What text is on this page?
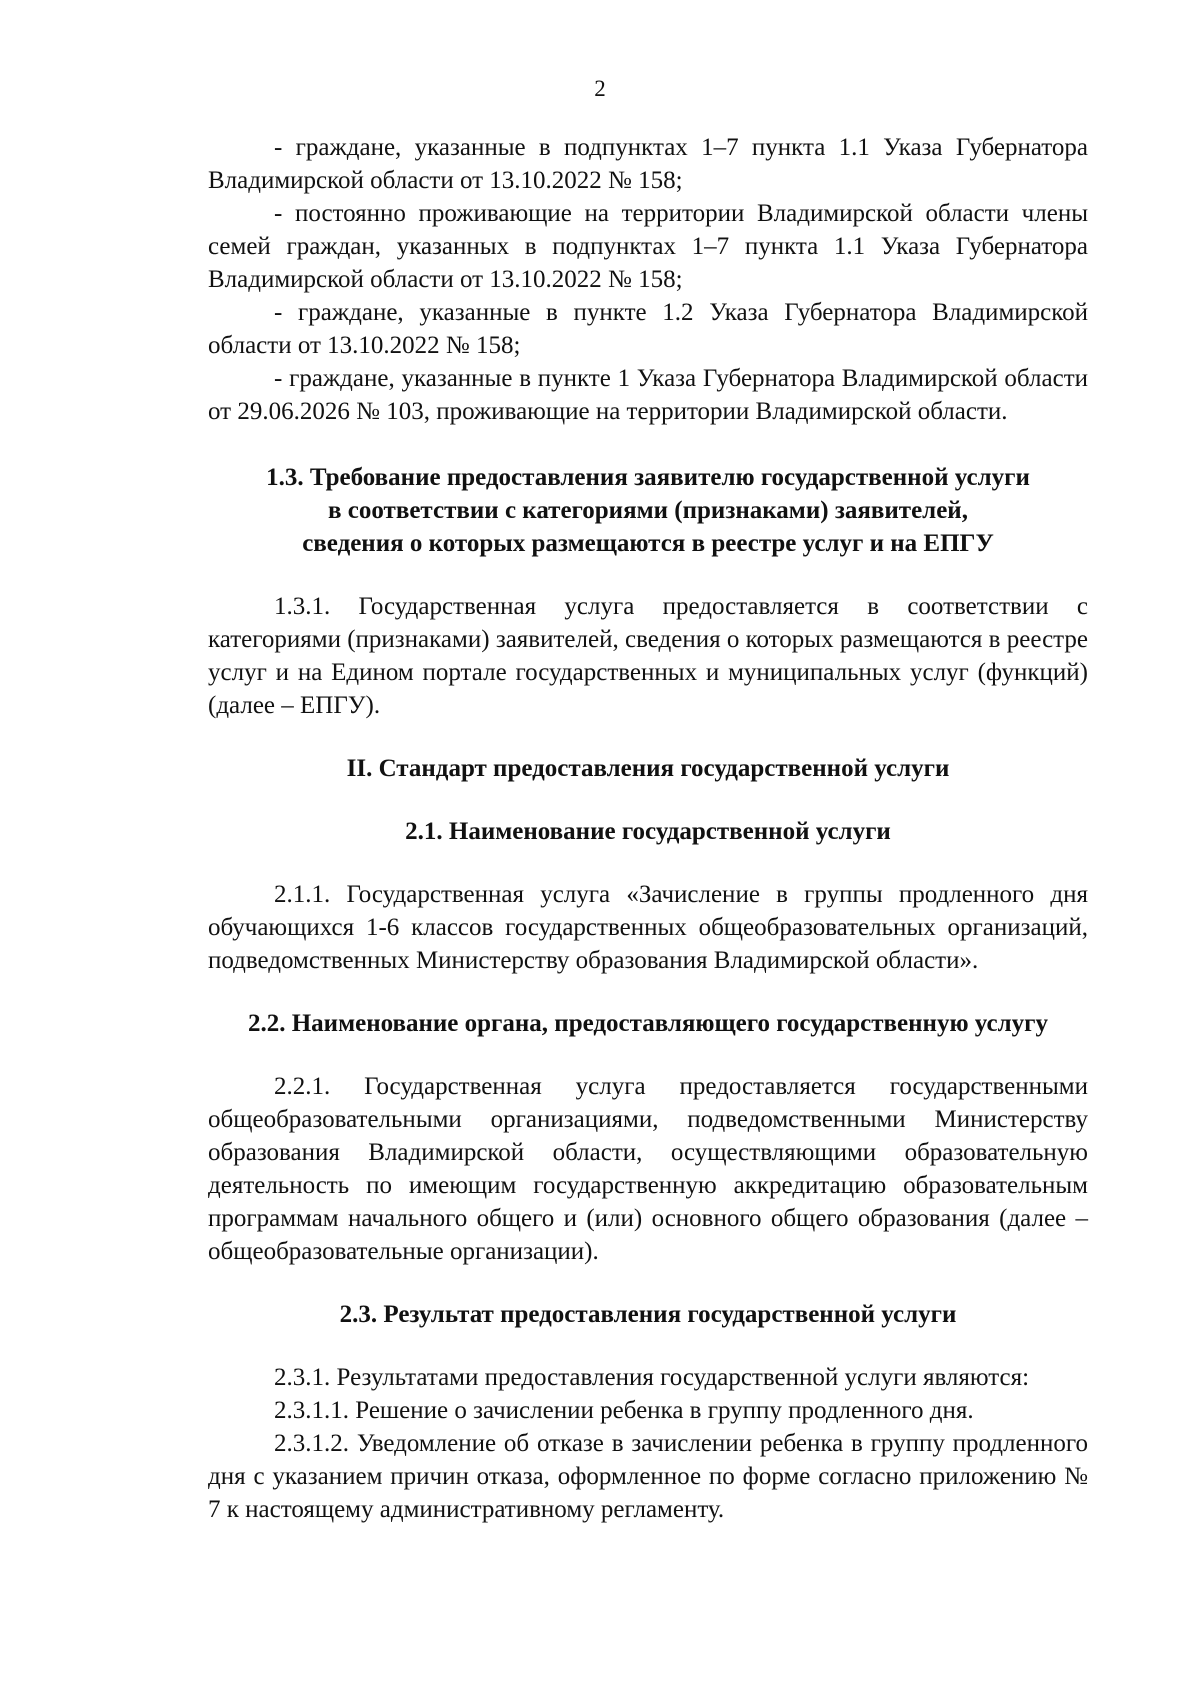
2

- граждане, указанные в подпунктах 1–7 пункта 1.1 Указа Губернатора Владимирской области от 13.10.2022 № 158;

- постоянно проживающие на территории Владимирской области члены семей граждан, указанных в подпунктах 1–7 пункта 1.1 Указа Губернатора Владимирской области от 13.10.2022 № 158;

- граждане, указанные в пункте 1.2 Указа Губернатора Владимирской области от 13.10.2022 № 158;

- граждане, указанные в пункте 1 Указа Губернатора Владимирской области от 29.06.2026 № 103, проживающие на территории Владимирской области.

1.3. Требование предоставления заявителю государственной услуги
в соответствии с категориями (признаками) заявителей,
сведения о которых размещаются в реестре услуг и на ЕПГУ

1.3.1. Государственная услуга предоставляется в соответствии с категориями (признаками) заявителей, сведения о которых размещаются в реестре услуг и на Едином портале государственных и муниципальных услуг (функций) (далее – ЕПГУ).

II. Стандарт предоставления государственной услуги
2.1. Наименование государственной услуги

2.1.1. Государственная услуга «Зачисление в группы продленного дня обучающихся 1-6 классов государственных общеобразовательных организаций, подведомственных Министерству образования Владимирской области».

2.2. Наименование органа, предоставляющего государственную услугу

2.2.1. Государственная услуга предоставляется государственными общеобразовательными организациями, подведомственными Министерству образования Владимирской области, осуществляющими образовательную деятельность по имеющим государственную аккредитацию образовательным программам начального общего и (или) основного общего образования (далее – общеобразовательные организации).

2.3. Результат предоставления государственной услуги

2.3.1. Результатами предоставления государственной услуги являются:

2.3.1.1. Решение о зачислении ребенка в группу продленного дня.

2.3.1.2. Уведомление об отказе в зачислении ребенка в группу продленного дня с указанием причин отказа, оформленное по форме согласно приложению № 7 к настоящему административному регламенту.
